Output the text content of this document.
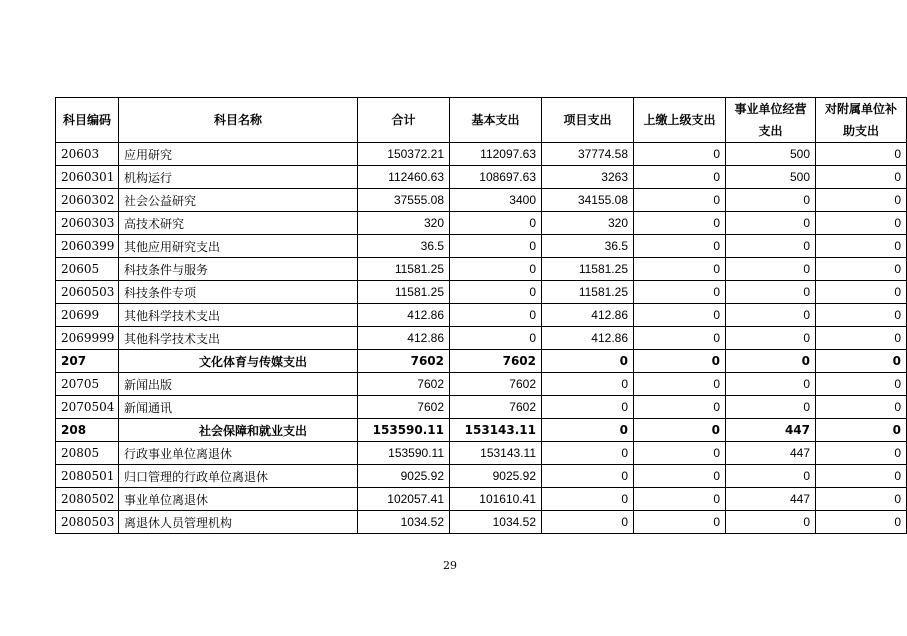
科目编码	科目名称	合计	基本支出	项目支出	上缴上级支出	事业单位经营支出	对附属单位补助支出
20603	应用研究	150372.21	112097.63	37774.58	0	500	0
2060301	机构运行	112460.63	108697.63	3263	0	500	0
2060302	社会公益研究	37555.08	3400	34155.08	0	0	0
2060303	高技术研究	320	0	320	0	0	0
2060399	其他应用研究支出	36.5	0	36.5	0	0	0
20605	科技条件与服务	11581.25	0	11581.25	0	0	0
2060503	科技条件专项	11581.25	0	11581.25	0	0	0
20699	其他科学技术支出	412.86	0	412.86	0	0	0
2069999	其他科学技术支出	412.86	0	412.86	0	0	0
207	文化体育与传媒支出	7602	7602	0	0	0	0
20705	新闻出版	7602	7602	0	0	0	0
2070504	新闻通讯	7602	7602	0	0	0	0
208	社会保障和就业支出	153590.11	153143.11	0	0	447	0
20805	行政事业单位离退休	153590.11	153143.11	0	0	447	0
2080501	归口管理的行政单位离退休	9025.92	9025.92	0	0	0	0
2080502	事业单位离退休	102057.41	101610.41	0	0	447	0
2080503	离退休人员管理机构	1034.52	1034.52	0	0	0	0
29
